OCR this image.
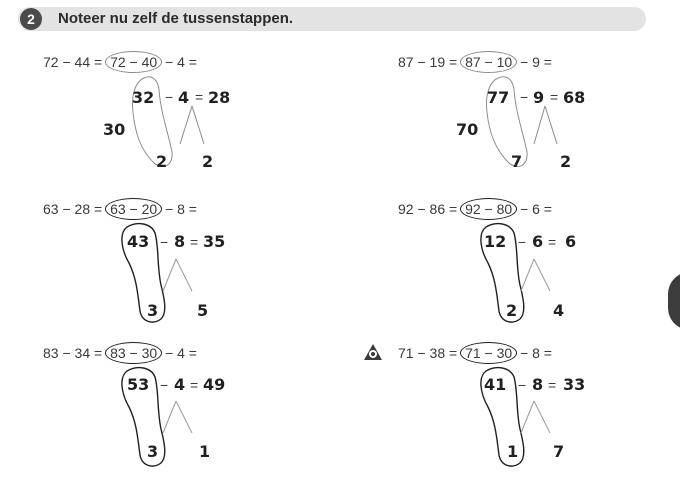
2	Noteer nu zelf de tussenstappen.
72 − 44 = 72 − 40 − 4 =
32 − 4 = 28
30
2 2
87 − 19 = 87 − 10 − 9 =
77 − 9 = 68
70
7 2
63 − 28 = 63 − 20 − 8 =
43 − 8 = 35
3 5
92 − 86 = 92 − 80 − 6 =
12 − 6 = 6
2 4
83 − 34 = 83 − 30 − 4 =
53 − 4 = 49
3	1
71 − 38 = 71 − 30 − 8 =
41 − 8 = 33
1 7
